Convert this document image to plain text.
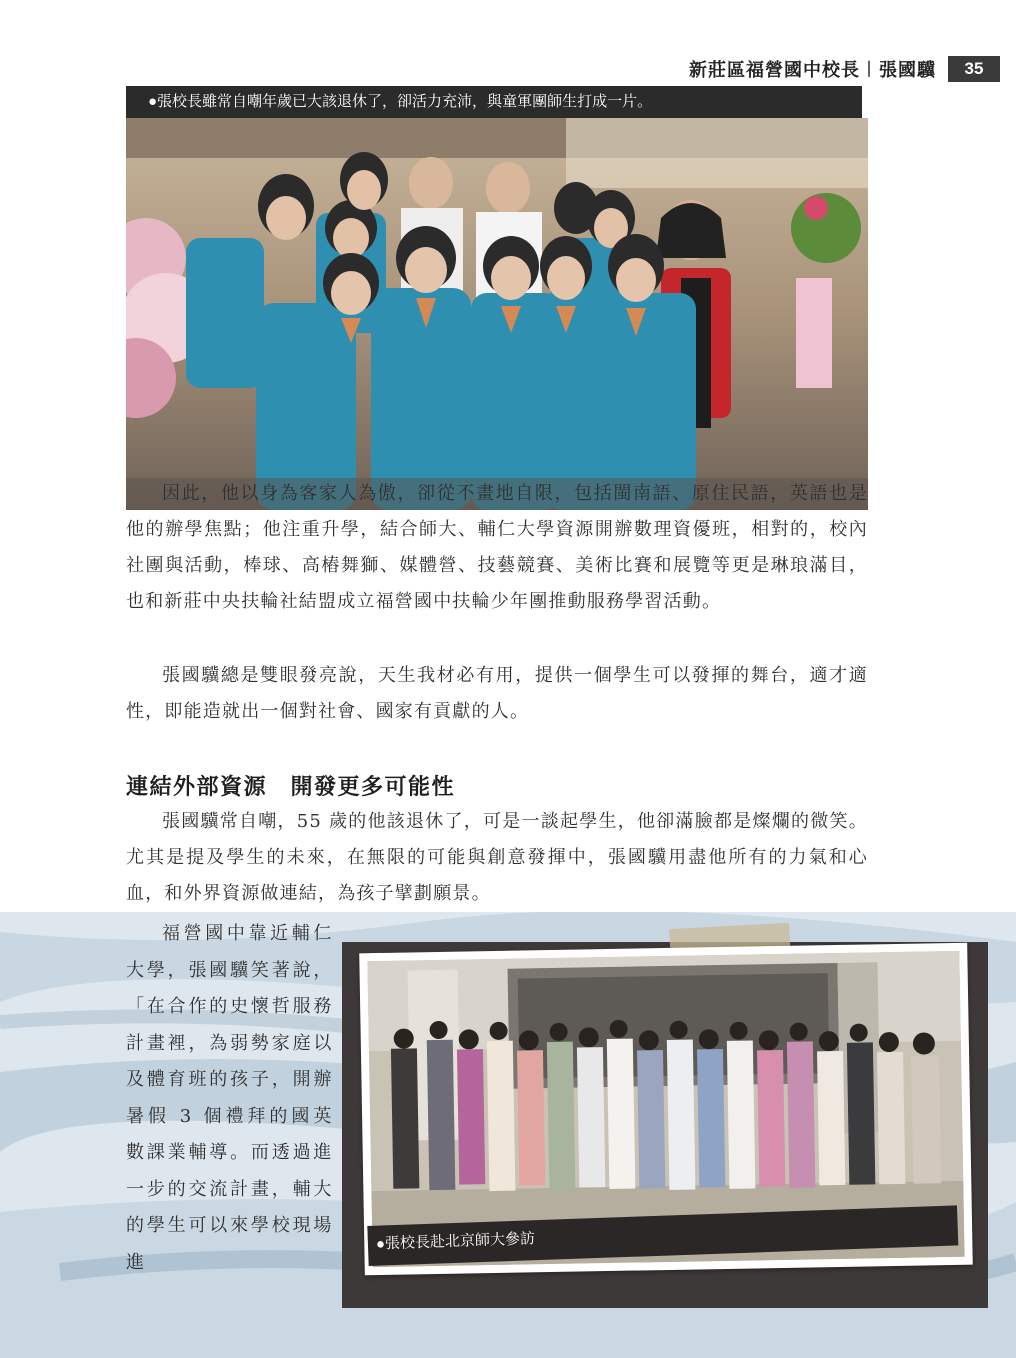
新莊區福營國中校長︱張國驥	35
●張校長雖常自嘲年歲已大該退休了，卻活力充沛，與童軍團師生打成一片。

因此，他以身為客家人為傲，卻從不畫地自限，包括閩南語、原住民語，英語也是他的辦學焦點；他注重升學，結合師大、輔仁大學資源開辦數理資優班，相對的，校內社團與活動，棒球、高樁舞獅、媒體營、技藝競賽、美術比賽和展覽等更是琳琅滿目，也和新莊中央扶輪社結盟成立福營國中扶輪少年團推動服務學習活動。

張國驥總是雙眼發亮說，天生我材必有用，提供一個學生可以發揮的舞台，適才適性，即能造就出一個對社會、國家有貢獻的人。

連結外部資源　開發更多可能性

張國驥常自嘲，55 歲的他該退休了，可是一談起學生，他卻滿臉都是燦爛的微笑。尤其是提及學生的未來，在無限的可能與創意發揮中，張國驥用盡他所有的力氣和心血，和外界資源做連結，為孩子擘劃願景。

福營國中靠近輔仁大學，張國驥笑著說，「在合作的史懷哲服務計畫裡，為弱勢家庭以及體育班的孩子，開辦暑假 3 個禮拜的國英數課業輔導。而透過進一步的交流計畫，輔大的學生可以來學校現場進

●張校長赴北京師大參訪
